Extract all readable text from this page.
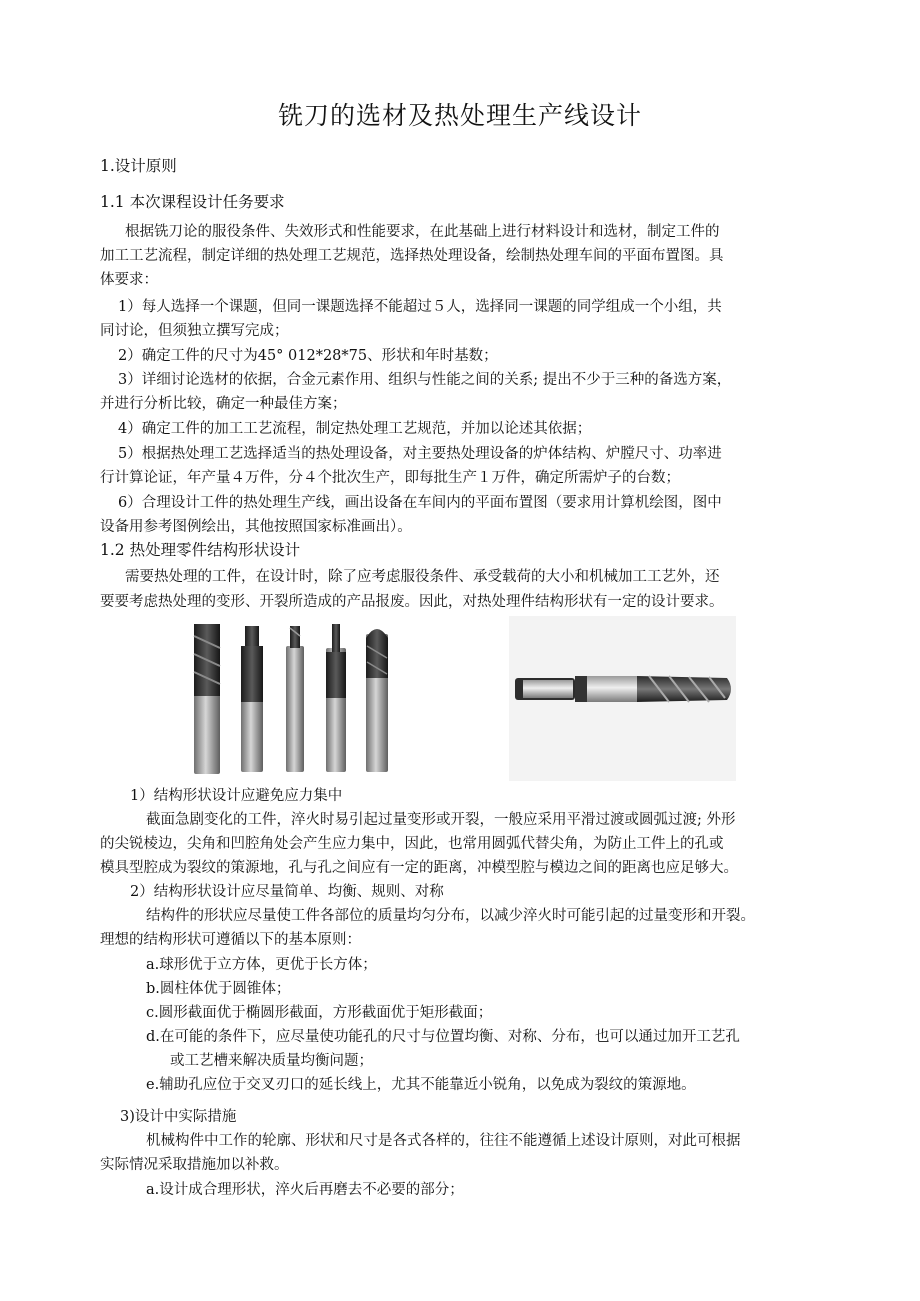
铣刀的选材及热处理生产线设计
1.设计原则
1.1 本次课程设计任务要求
根据铣刀论的服役条件、失效形式和性能要求，在此基础上进行材料设计和选材，制定工件的
加工工艺流程，制定详细的热处理工艺规范，选择热处理设备，绘制热处理车间的平面布置图。具
体要求：
1）每人选择一个课题，但同一课题选择不能超过５人，选择同一课题的同学组成一个小组，共
同讨论，但须独立撰写完成；
2）确定工件的尺寸为45° 012*28*75、形状和年时基数；
3）详细讨论选材的依据，合金元素作用、组织与性能之间的关系; 提出不少于三种的备选方案，
并进行分析比较，确定一种最佳方案；
4）确定工件的加工工艺流程，制定热处理工艺规范，并加以论述其依据；
5）根据热处理工艺选择适当的热处理设备，对主要热处理设备的炉体结构、炉膛尺寸、功率进
行计算论证，年产量４万件，分４个批次生产，即每批生产１万件，确定所需炉子的台数；
6）合理设计工件的热处理生产线，画出设备在车间内的平面布置图（要求用计算机绘图，图中
设备用参考图例绘出，其他按照国家标准画出）。
1.2 热处理零件结构形状设计
需要热处理的工件，在设计时，除了应考虑服役条件、承受载荷的大小和机械加工工艺外，还
要要考虑热处理的变形、开裂所造成的产品报废。因此，对热处理件结构形状有一定的设计要求。
1）结构形状设计应避免应力集中
截面急剧变化的工件，淬火时易引起过量变形或开裂，一般应采用平滑过渡或圆弧过渡; 外形
的尖锐棱边，尖角和凹腔角处会产生应力集中，因此，也常用圆弧代替尖角，为防止工件上的孔或
模具型腔成为裂纹的策源地，孔与孔之间应有一定的距离，冲模型腔与模边之间的距离也应足够大。
2）结构形状设计应尽量简单、均衡、规则、对称
结构件的形状应尽量使工件各部位的质量均匀分布，以减少淬火时可能引起的过量变形和开裂。
理想的结构形状可遵循以下的基本原则：
a.球形优于立方体，更优于长方体；
b.圆柱体优于圆锥体；
c.圆形截面优于椭圆形截面，方形截面优于矩形截面；
d.在可能的条件下，应尽量使功能孔的尺寸与位置均衡、对称、分布，也可以通过加开工艺孔
或工艺槽来解决质量均衡问题；
e.辅助孔应位于交叉刃口的延长线上，尤其不能靠近小锐角，以免成为裂纹的策源地。
3)设计中实际措施
机械构件中工作的轮廓、形状和尺寸是各式各样的，往往不能遵循上述设计原则，对此可根据
实际情况采取措施加以补救。
a.设计成合理形状，淬火后再磨去不必要的部分；
